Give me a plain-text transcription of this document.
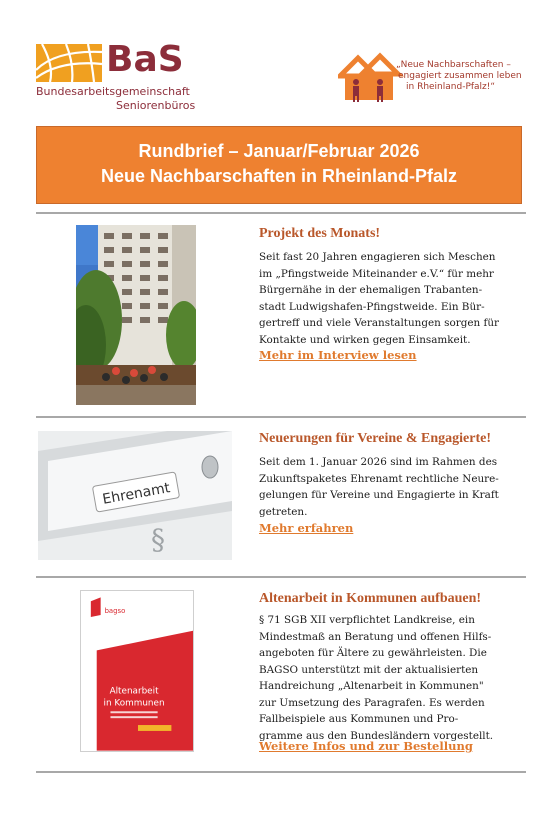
BaS
Bundesarbeitsgemeinschaft
Seniorenbüros
„Neue Nachbarschaften –
engagiert zusammen leben
in Rheinland-Pfalz!“
Rundbrief – Januar/Februar 2026
Neue Nachbarschaften in Rheinland-Pfalz
Projekt des Monats!
Seit fast 20 Jahren engagieren sich Meschen
im „Pfingstweide Miteinander e.V.“ für mehr
Bürgernähe in der ehemaligen Trabanten-
stadt Ludwigshafen-Pfingstweide. Ein Bür-
gertreff und viele Veranstaltungen sorgen für
Kontakte und wirken gegen Einsamkeit.
Mehr im Interview lesen
Ehrenamt
§
Neuerungen für Vereine & Engagierte!
Seit dem 1. Januar 2026 sind im Rahmen des
Zukunftspaketes Ehrenamt rechtliche Neure-
gelungen für Vereine und Engagierte in Kraft
getreten.
Mehr erfahren
bagso
Altenarbeit
in Kommunen
Altenarbeit in Kommunen aufbauen!
§ 71 SGB XII verpflichtet Landkreise, ein
Mindestmaß an Beratung und offenen Hilfs-
angeboten für Ältere zu gewährleisten. Die
BAGSO unterstützt mit der aktualisierten
Handreichung „Altenarbeit in Kommunen"
zur Umsetzung des Paragrafen. Es werden
Fallbeispiele aus Kommunen und Pro-
gramme aus den Bundesländern vorgestellt.
Weitere Infos und zur Bestellung
